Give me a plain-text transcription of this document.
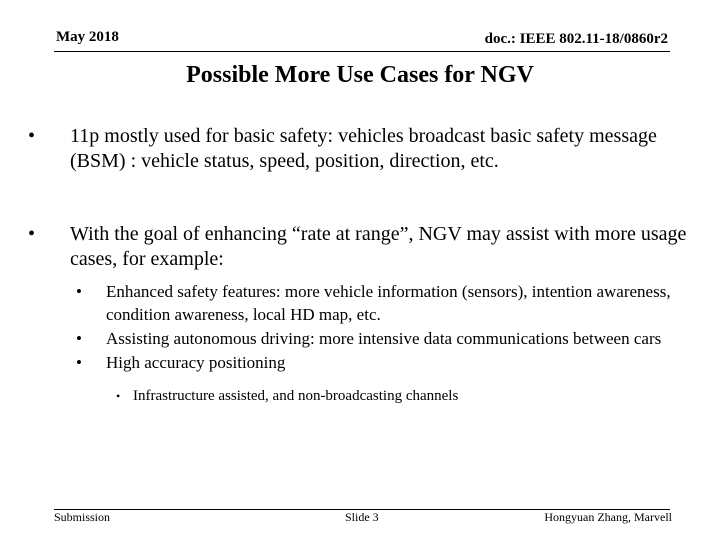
May 2018	doc.: IEEE 802.11-18/0860r2
Possible More Use Cases for NGV
•	11p mostly used for basic safety: vehicles broadcast basic safety message (BSM) : vehicle status, speed, position, direction, etc.
•	With the goal of enhancing “rate at range”, NGV may assist with more usage cases, for example:
• Enhanced safety features: more vehicle information (sensors), intention awareness, condition awareness, local HD map, etc.
• Assisting autonomous driving: more intensive data communications between cars
• High accuracy positioning
• Infrastructure assisted, and non-broadcasting channels
Submission	Slide 3	Hongyuan Zhang, Marvell
